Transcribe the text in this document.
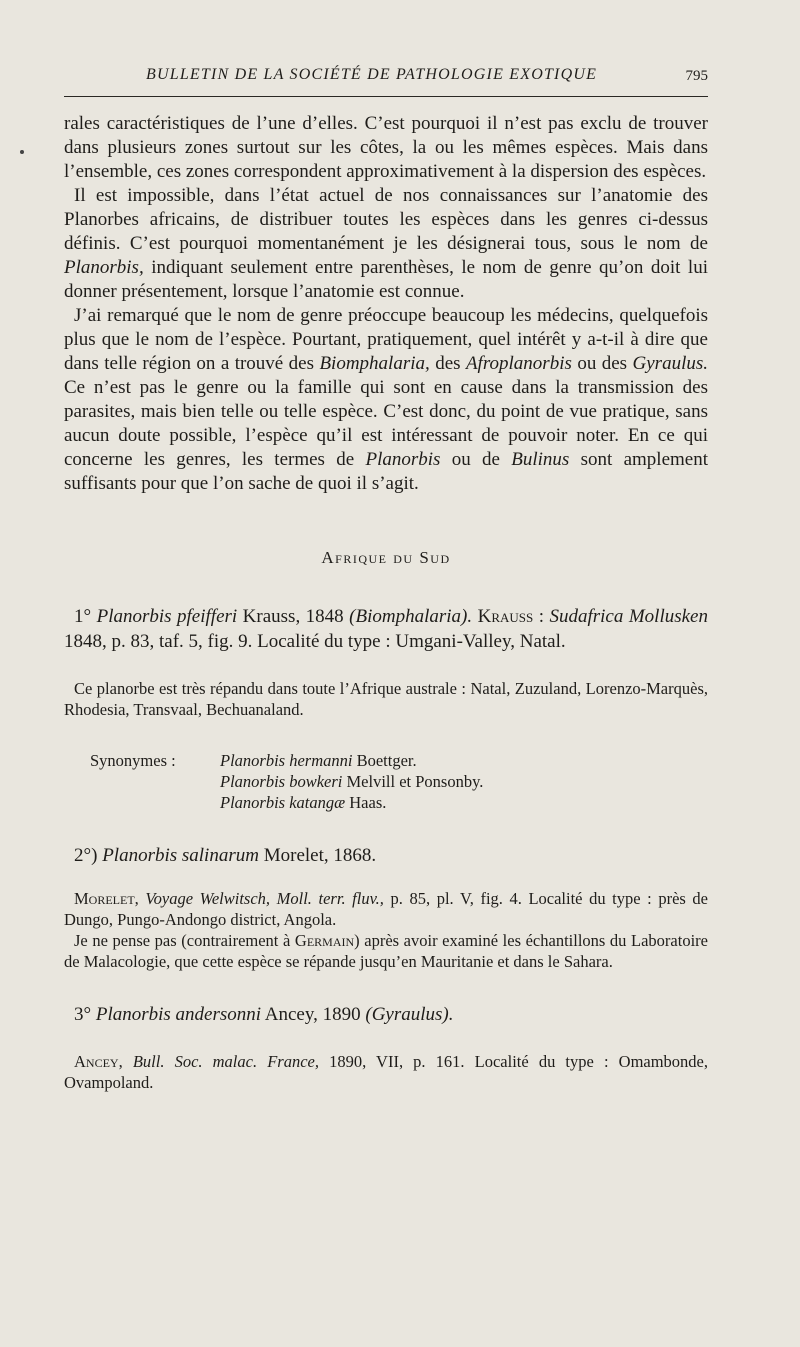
BULLETIN DE LA SOCIÉTÉ DE PATHOLOGIE EXOTIQUE	795

rales caractéristiques de l’une d’elles. C’est pourquoi il n’est pas exclu de trouver dans plusieurs zones surtout sur les côtes, la ou les mêmes espèces. Mais dans l’ensemble, ces zones correspondent approximativement à la dispersion des espèces.

Il est impossible, dans l’état actuel de nos connaissances sur l’anatomie des Planorbes africains, de distribuer toutes les espèces dans les genres ci-dessus définis. C’est pourquoi momentanément je les désignerai tous, sous le nom de Planorbis, indiquant seulement entre parenthèses, le nom de genre qu’on doit lui donner présentement, lorsque l’anatomie est connue.

J’ai remarqué que le nom de genre préoccupe beaucoup les médecins, quelquefois plus que le nom de l’espèce. Pourtant, pratiquement, quel intérêt y a-t-il à dire que dans telle région on a trouvé des Biomphalaria, des Afroplanorbis ou des Gyraulus. Ce n’est pas le genre ou la famille qui sont en cause dans la transmission des parasites, mais bien telle ou telle espèce. C’est donc, du point de vue pratique, sans aucun doute possible, l’espèce qu’il est intéressant de pouvoir noter. En ce qui concerne les genres, les termes de Planorbis ou de Bulinus sont amplement suffisants pour que l’on sache de quoi il s’agit.

Afrique du Sud

1° Planorbis pfeifferi Krauss, 1848 (Biomphalaria). Krauss : Sudafrica Mollusken 1848, p. 83, taf. 5, fig. 9. Localité du type : Umgani-Valley, Natal.

Ce planorbe est très répandu dans toute l’Afrique australe : Natal, Zuzuland, Lorenzo-Marquès, Rhodesia, Transvaal, Bechuanaland.

Synonymes :	Planorbis hermanni Boettger.
Planorbis bowkeri Melvill et Ponsonby.
Planorbis katangæ Haas.

2°) Planorbis salinarum Morelet, 1868.

Morelet, Voyage Welwitsch, Moll. terr. fluv., p. 85, pl. V, fig. 4. Localité du type : près de Dungo, Pungo-Andongo district, Angola.

Je ne pense pas (contrairement à Germain) après avoir examiné les échantillons du Laboratoire de Malacologie, que cette espèce se répande jusqu’en Mauritanie et dans le Sahara.

3° Planorbis andersonni Ancey, 1890 (Gyraulus).

Ancey, Bull. Soc. malac. France, 1890, VII, p. 161. Localité du type : Omambonde, Ovampoland.
